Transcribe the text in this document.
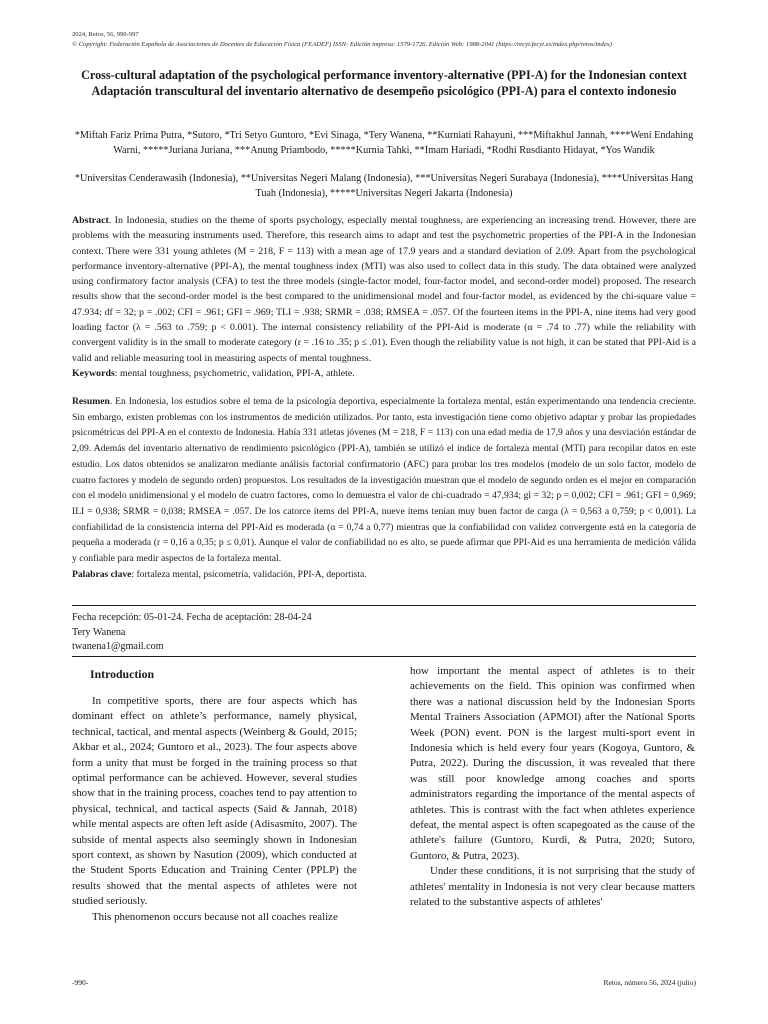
2024, Retos, 56, 990-997
© Copyright: Federación Española de Asociaciones de Docentes de Educación Física (FEADEF) ISSN: Edición impresa: 1579-1726. Edición Web: 1988-2041 (https://recyt.fecyt.es/index.php/retos/index)
Cross-cultural adaptation of the psychological performance inventory-alternative (PPI-A) for the Indonesian context
Adaptación transcultural del inventario alternativo de desempeño psicológico (PPI-A) para el contexto indonesio
*Miftah Fariz Prima Putra, *Sutoro, *Tri Setyo Guntoro, *Evi Sinaga, *Tery Wanena, **Kurniati Rahayuni, ***Miftakhul Jannah, ****Weni Endahing Warni, *****Juriana Juriana, ***Anung Priambodo, *****Kurnia Tahki, **Imam Hariadi, *Rodhi Rusdianto Hidayat, *Yos Wandik
*Universitas Cenderawasih (Indonesia), **Universitas Negeri Malang (Indonesia), ***Universitas Negeri Surabaya (Indonesia), ****Universitas Hang Tuah (Indonesia), *****Universitas Negeri Jakarta (Indonesia)
Abstract. In Indonesia, studies on the theme of sports psychology, especially mental toughness, are experiencing an increasing trend. However, there are problems with the measuring instruments used. Therefore, this research aims to adapt and test the psychometric properties of the PPI-A in the Indonesian context. There were 331 young athletes (M = 218, F = 113) with a mean age of 17.9 years and a standard deviation of 2.09. Apart from the psychological performance inventory-alternative (PPI-A), the mental toughness index (MTI) was also used to collect data in this study. The data obtained were analyzed using confirmatory factor analysis (CFA) to test the three models (single-factor model, four-factor model, and second-order model) proposed. The research results show that the second-order model is the best compared to the unidimensional model and four-factor model, as evidenced by the chi-square value = 47.934; df = 32; p = .002; CFI = .961; GFI = .969; TLI = .938; SRMR = .038; RMSEA = .057. Of the fourteen items in the PPI-A, nine items had very good loading factor (λ = .563 to .759; p < 0.001). The internal consistency reliability of the PPI-Aid is moderate (α = .74 to .77) while the reliability with convergent validity is in the small to moderate category (r = .16 to .35; p ≤ .01). Even though the reliability value is not high, it can be stated that PPI-Aid is a valid and reliable measuring tool in measuring aspects of mental toughness.
Keywords: mental toughness, psychometric, validation, PPI-A, athlete.
Resumen. En Indonesia, los estudios sobre el tema de la psicología deportiva, especialmente la fortaleza mental, están experimentando una tendencia creciente. Sin embargo, existen problemas con los instrumentos de medición utilizados. Por tanto, esta investigación tiene como objetivo adaptar y probar las propiedades psicométricas del PPI-A en el contexto de Indonesia. Había 331 atletas jóvenes (M = 218, F = 113) con una edad media de 17,9 años y una desviación estándar de 2,09. Además del inventario alternativo de rendimiento psicológico (PPI-A), también se utilizó el índice de fortaleza mental (MTI) para recopilar datos en este estudio. Los datos obtenidos se analizaron mediante análisis factorial confirmatorio (AFC) para probar los tres modelos (modelo de un solo factor, modelo de cuatro factores y modelo de segundo orden) propuestos. Los resultados de la investigación muestran que el modelo de segundo orden es el mejor en comparación con el modelo unidimensional y el modelo de cuatro factores, como lo demuestra el valor de chi-cuadrado = 47,934; gl = 32; p = 0,002; CFI = .961; GFI = 0,969; ILI = 0,938; SRMR = 0,038; RMSEA = .057. De los catorce ítems del PPI-A, nueve ítems tenían muy buen factor de carga (λ = 0,563 a 0,759; p < 0,001). La confiabilidad de la consistencia interna del PPI-Aid es moderada (α = 0,74 a 0,77) mientras que la confiabilidad con validez convergente está en la categoría de pequeña a moderada (r = 0,16 a 0,35; p ≤ 0,01). Aunque el valor de confiabilidad no es alto, se puede afirmar que PPI-Aid es una herramienta de medición válida y confiable para medir aspectos de la fortaleza mental.
Palabras clave: fortaleza mental, psicometría, validación, PPI-A, deportista.
Fecha recepción: 05-01-24. Fecha de aceptación: 28-04-24
Tery Wanena
twanena1@gmail.com
Introduction

In competitive sports, there are four aspects which has dominant effect on athlete’s performance, namely physical, technical, tactical, and mental aspects (Weinberg & Gould, 2015; Akbar et al., 2024; Guntoro et al., 2023). The four aspects above form a unity that must be forged in the training process so that optimal performance can be achieved. However, several studies show that in the training process, coaches tend to pay attention to physical, technical, and tactical aspects (Said & Jannah, 2018) while mental aspects are often left aside (Adisasmito, 2007). The subside of mental aspects also seemingly shown in Indonesian sport context, as shown by Nasution (2009), which conducted at the Student Sports Education and Training Center (PPLP) the results showed that the mental aspects of athletes were not studied seriously.

This phenomenon occurs because not all coaches realize

how important the mental aspect of athletes is to their achievements on the field. This opinion was confirmed when there was a national discussion held by the Indonesian Sports Mental Trainers Association (APMOI) after the National Sports Week (PON) event. PON is the largest multi-sport event in Indonesia which is held every four years (Kogoya, Guntoro, & Putra, 2022). During the discussion, it was revealed that there was still poor knowledge among coaches and sports administrators regarding the importance of the mental aspects of athletes. This is contrast with the fact when athletes experience defeat, the mental aspect is often scapegoated as the cause of the athlete's failure (Guntoro, Kurdi, & Putra, 2020; Sutoro, Guntoro, & Putra, 2023).

Under these conditions, it is not surprising that the study of athletes' mentality in Indonesia is not very clear because matters related to the substantive aspects of athletes'

-990-	Retos, número 56, 2024 (julio)
